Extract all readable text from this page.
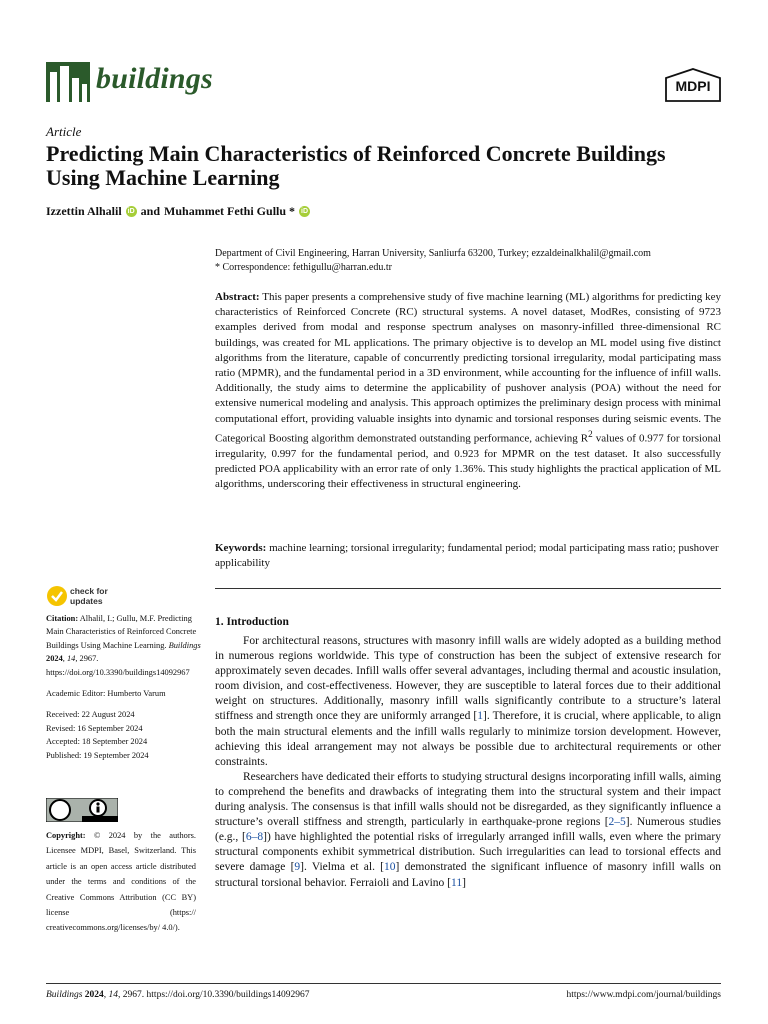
buildings	MDPI
Article
Predicting Main Characteristics of Reinforced Concrete Buildings Using Machine Learning
Izzettin Alhalil iD and Muhammet Fethi Gullu * iD
Department of Civil Engineering, Harran University, Sanliurfa 63200, Turkey; ezzaldeinalkhalil@gmail.com
* Correspondence: fethigullu@harran.edu.tr
Abstract: This paper presents a comprehensive study of five machine learning (ML) algorithms for predicting key characteristics of Reinforced Concrete (RC) structural systems. A novel dataset, ModRes, consisting of 9723 examples derived from modal and response spectrum analyses on masonry-infilled three-dimensional RC buildings, was created for ML applications. The primary objective is to develop an ML model using five distinct algorithms from the literature, capable of concurrently predicting torsional irregularity, modal participating mass ratio (MPMR), and the fundamental period in a 3D environment, while accounting for the influence of infill walls. Additionally, the study aims to determine the applicability of pushover analysis (POA) without the need for extensive numerical modeling and analysis. This approach optimizes the preliminary design process with minimal computational effort, providing valuable insights into dynamic and torsional responses during seismic events. The Categorical Boosting algorithm demonstrated outstanding performance, achieving $R^2$ values of 0.977 for torsional irregularity, 0.997 for the fundamental period, and 0.923 for MPMR on the test dataset. It also successfully predicted POA applicability with an error rate of only 1.36%. This study highlights the practical application of ML algorithms, underscoring their effectiveness in structural engineering.
Keywords: machine learning; torsional irregularity; fundamental period; modal participating mass ratio; pushover applicability
check for
updates

Citation: Alhalil, I.; Gullu, M.F. Predicting Main Characteristics of Reinforced Concrete Buildings Using Machine Learning. Buildings 2024, 14, 2967. https://doi.org/10.3390/buildings14092967

Academic Editor: Humberto Varum

Received: 22 August 2024

Revised: 16 September 2024

Accepted: 18 September 2024

Published: 19 September 2024

Copyright: © 2024 by the authors. Licensee MDPI, Basel, Switzerland. This article is an open access article distributed under the terms and conditions of the Creative Commons Attribution (CC BY) license (https:// creativecommons.org/licenses/by/ 4.0/).
1. Introduction

For architectural reasons, structures with masonry infill walls are widely adopted as a building method in numerous regions worldwide. This type of construction has been the subject of extensive research for approximately seven decades. Infill walls offer several advantages, including thermal and acoustic insulation, room division, and cost-effectiveness. However, they are susceptible to lateral forces due to their additional weight on structures. Additionally, masonry infill walls significantly contribute to a structure’s lateral stiffness and strength once they are uniformly arranged [1]. Therefore, it is crucial, where applicable, to align both the main structural elements and the infill walls regularly to minimize torsion development. However, achieving this ideal arrangement may not always be possible due to architectural requirements or other constraints.

Researchers have dedicated their efforts to studying structural designs incorporating infill walls, aiming to comprehend the benefits and drawbacks of integrating them into the structural system and their impact during analysis. The consensus is that infill walls should not be disregarded, as they significantly influence a structure’s overall stiffness and strength, particularly in earthquake-prone regions [2–5]. Numerous studies (e.g., [6–8]) have highlighted the potential risks of irregularly arranged infill walls, even where the primary structural components exhibit symmetrical distribution. Such irregularities can lead to torsional effects and severe damage [9]. Vielma et al. [10] demonstrated the significant influence of masonry infill walls on structural torsional behavior. Ferraioli and Lavino [11]

Buildings 2024, 14, 2967. https://doi.org/10.3390/buildings14092967	https://www.mdpi.com/journal/buildings
